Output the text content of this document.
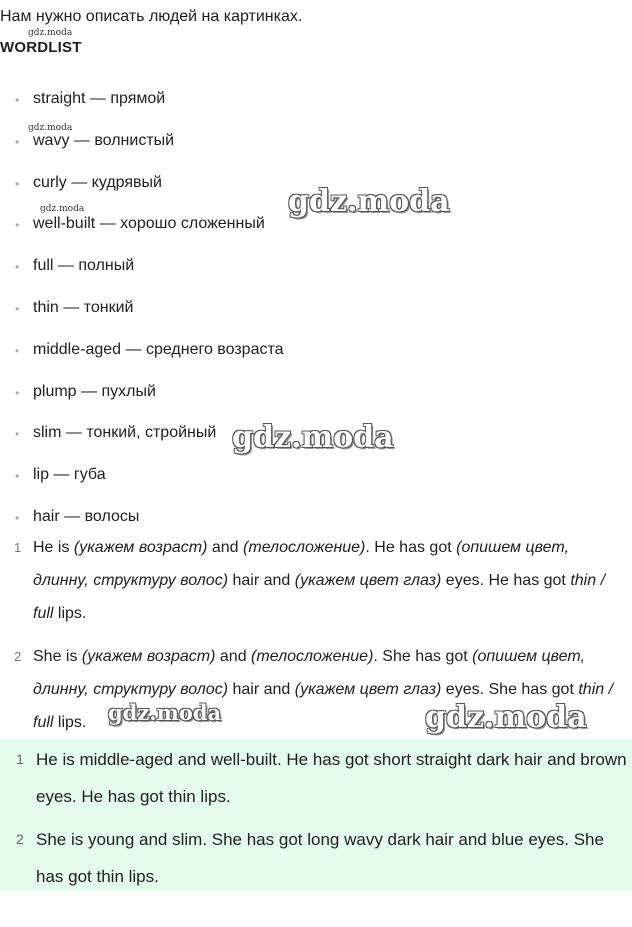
Нам нужно описать людей на картинках.
WORDLIST
• straight — прямой
• wavy — волнистый
• curly — кудрявый
• well-built — хорошо сложенный
• full — полный
• thin — тонкий
• middle-aged — среднего возраста
• plump — пухлый
• slim — тонкий, стройный
• lip — губа
• hair — волосы
1 He is (укажем возраст) and (телосложение). He has got (опишем цвет, длинну, структуру волос) hair and (укажем цвет глаз) eyes. He has got thin / full lips.
2 She is (укажем возраст) and (телосложение). She has got (опишем цвет, длинну, структуру волос) hair and (укажем цвет глаз) eyes. She has got thin / full lips.
1 He is middle-aged and well-built. He has got short straight dark hair and brown eyes. He has got thin lips.
2 She is young and slim. She has got long wavy dark hair and blue eyes. She has got thin lips.
gdz.moda
gdz.moda
gdz.moda	gdz.moda
gdz.moda
gdz.moda	gdz.moda
